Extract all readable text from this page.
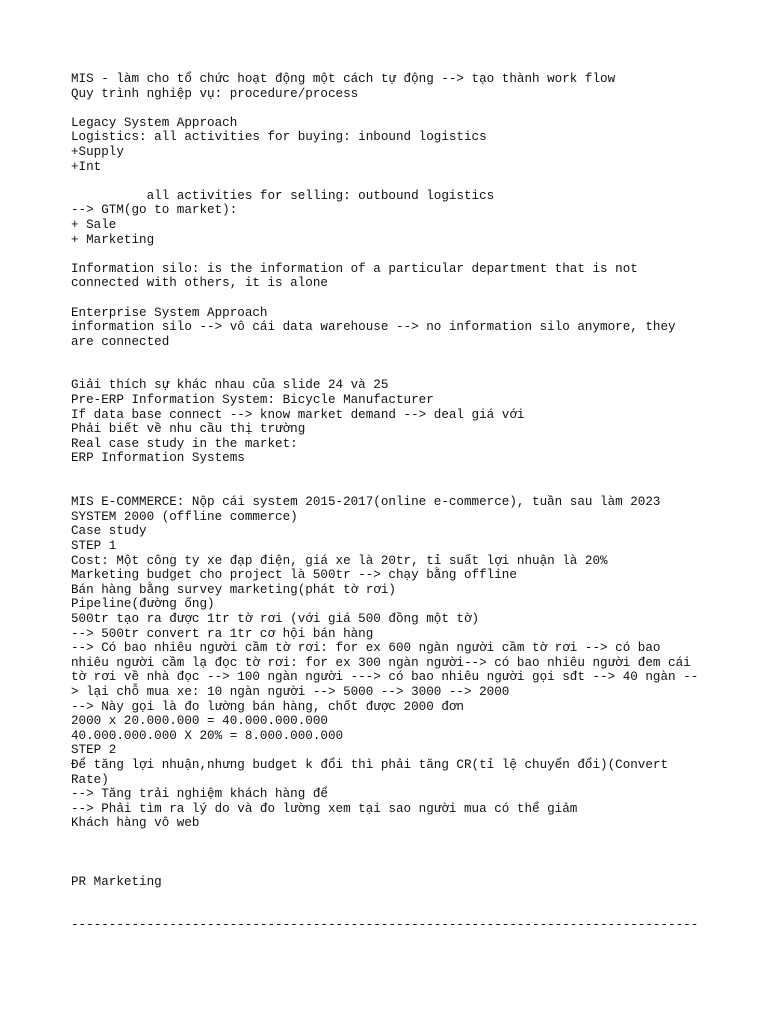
MIS - làm cho tổ chức hoạt động một cách tự động --> tạo thành work flow
Quy trình nghiệp vụ: procedure/process
Legacy System Approach
Logistics: all activities for buying: inbound logistics
+Supply
+Int
all activities for selling: outbound logistics
--> GTM(go to market):
+ Sale
+ Marketing
Information silo: is the information of a particular department that is not
connected with others, it is alone
Enterprise System Approach
information silo --> vô cái data warehouse --> no information silo anymore, they
are connected
Giải thích sự khác nhau của slide 24 và 25
Pre-ERP Information System: Bicycle Manufacturer
If data base connect --> know market demand --> deal giá với
Phải biết về nhu cầu thị trường
Real case study in the market:
ERP Information Systems
MIS E-COMMERCE: Nộp cái system 2015-2017(online e-commerce), tuần sau làm 2023
SYSTEM 2000 (offline commerce)
Case study
STEP 1
Cost: Một công ty xe đạp điện, giá xe là 20tr, tỉ suất lợi nhuận là 20%
Marketing budget cho project là 500tr --> chạy bằng offline
Bán hàng bằng survey marketing(phát tờ rơi)
Pipeline(đường ống)
500tr tạo ra được 1tr tờ rơi (với giá 500 đồng một tờ)
--> 500tr convert ra 1tr cơ hội bán hàng
--> Có bao nhiêu người cầm tờ rơi: for ex 600 ngàn người cầm tờ rơi --> có bao
nhiêu người cầm lạ đọc tờ rơi: for ex 300 ngàn người--> có bao nhiêu người đem cái
tờ rơi về nhà đọc --> 100 ngàn người ---> có bao nhiêu người gọi sđt --> 40 ngàn --
> lại chỗ mua xe: 10 ngàn người --> 5000 --> 3000 --> 2000
--> Này gọi là đo lường bán hàng, chốt được 2000 đơn
2000 x 20.000.000 = 40.000.000.000
40.000.000.000 X 20% = 8.000.000.000
STEP 2
Để tăng lợi nhuận,nhưng budget k đổi thì phải tăng CR(tỉ lệ chuyển đổi)(Convert
Rate)
--> Tăng trải nghiệm khách hàng để
--> Phải tìm ra lý do và đo lường xem tại sao người mua có thể giảm
Khách hàng vô web
PR Marketing
-----------------------------------------------------------------------------------
